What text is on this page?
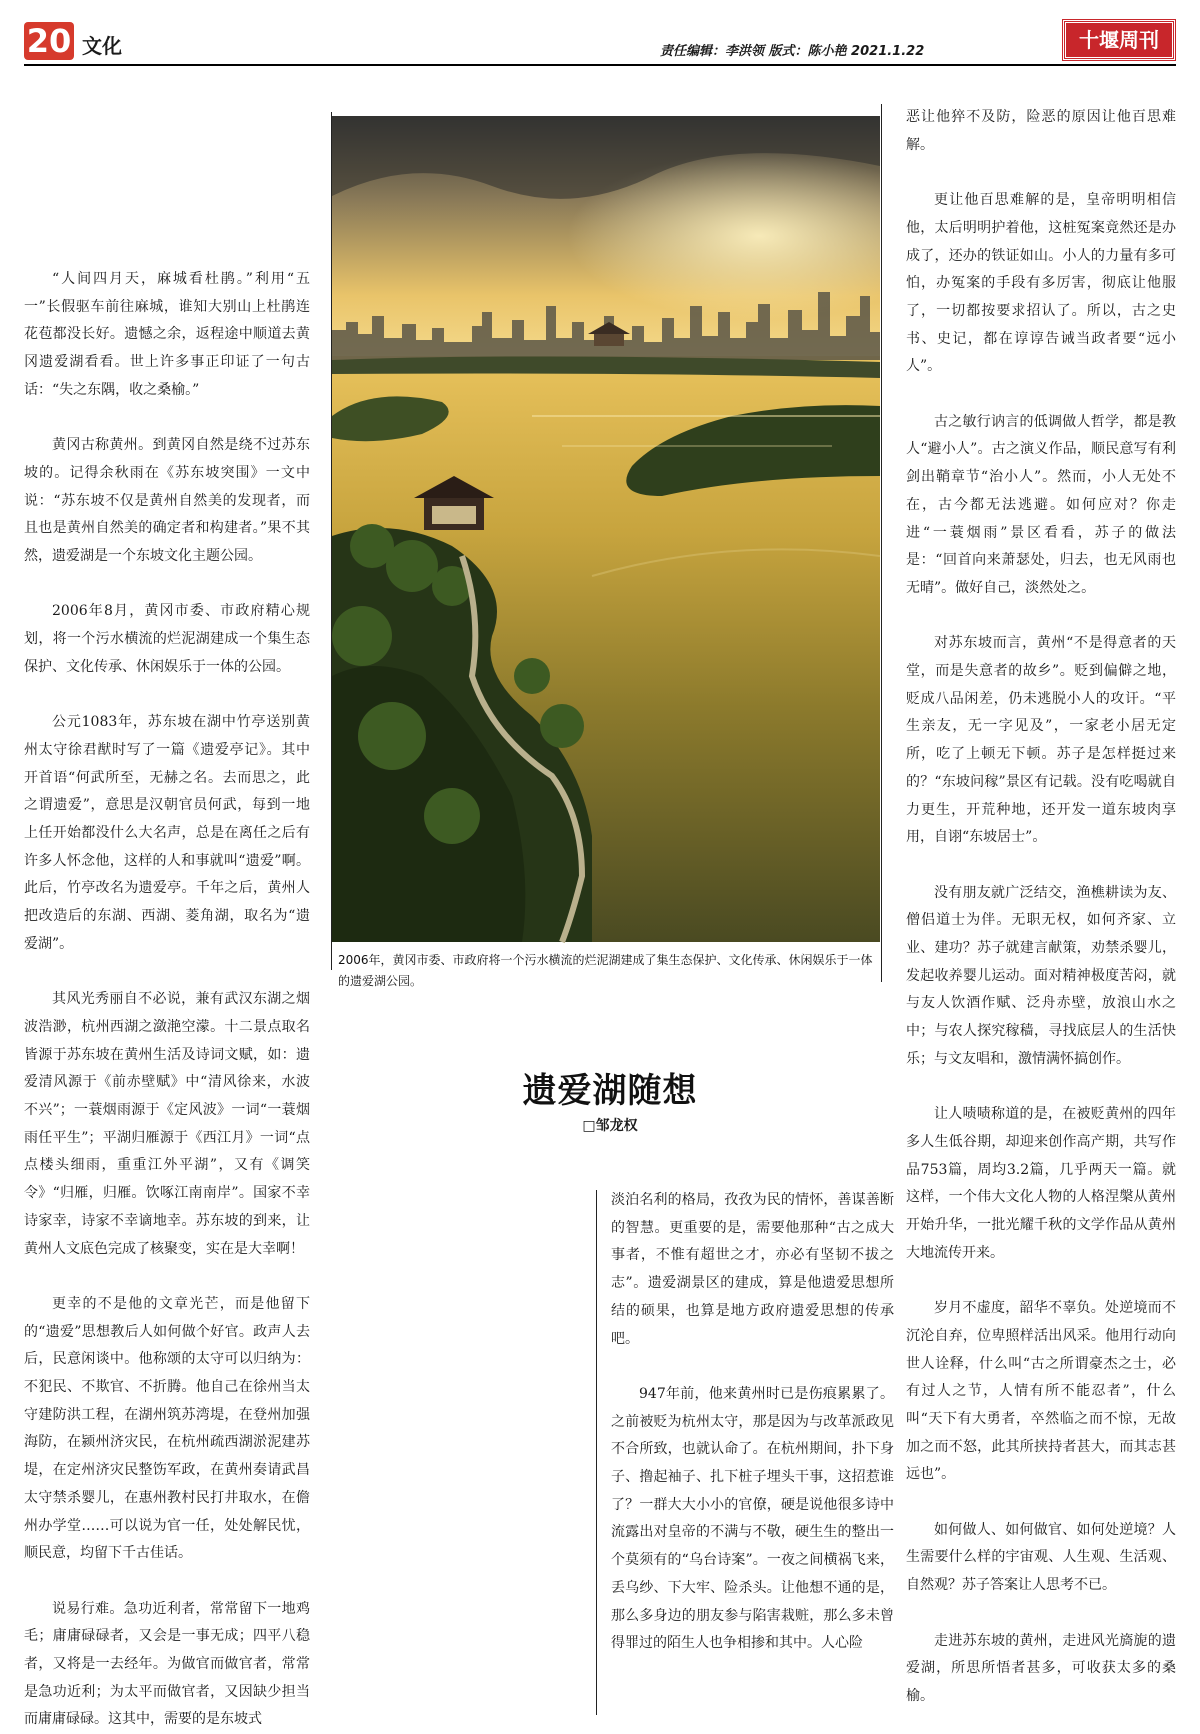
20 文化	责任编辑：李洪领 版式：陈小艳 2021.1.22	十堰周刊

“人间四月天，麻城看杜鹃。”利用“五一”长假驱车前往麻城，谁知大别山上杜鹃连花苞都没长好。遗憾之余，返程途中顺道去黄冈遗爱湖看看。世上许多事正印证了一句古话：“失之东隅，收之桑榆。”

黄冈古称黄州。到黄冈自然是绕不过苏东坡的。记得余秋雨在《苏东坡突围》一文中说：“苏东坡不仅是黄州自然美的发现者，而且也是黄州自然美的确定者和构建者。”果不其然，遗爱湖是一个东坡文化主题公园。

2006年8月，黄冈市委、市政府精心规划，将一个污水横流的烂泥湖建成一个集生态保护、文化传承、休闲娱乐于一体的公园。

公元1083年，苏东坡在湖中竹亭送别黄州太守徐君猷时写了一篇《遗爱亭记》。其中开首语“何武所至，无赫之名。去而思之，此之谓遗爱”，意思是汉朝官员何武，每到一地上任开始都没什么大名声，总是在离任之后有许多人怀念他，这样的人和事就叫“遗爱”啊。此后，竹亭改名为遗爱亭。千年之后，黄州人把改造后的东湖、西湖、菱角湖，取名为“遗爱湖”。

其风光秀丽自不必说，兼有武汉东湖之烟波浩渺，杭州西湖之潋滟空濛。十二景点取名皆源于苏东坡在黄州生活及诗词文赋，如：遗爱清风源于《前赤壁赋》中“清风徐来，水波不兴”；一蓑烟雨源于《定风波》一词“一蓑烟雨任平生”；平湖归雁源于《西江月》一词“点点楼头细雨，重重江外平湖”，又有《调笑令》“归雁，归雁。饮啄江南南岸”。国家不幸诗家幸，诗家不幸谪地幸。苏东坡的到来，让黄州人文底色完成了核聚变，实在是大幸啊！

更幸的不是他的文章光芒，而是他留下的“遗爱”思想教后人如何做个好官。政声人去后，民意闲谈中。他称颂的太守可以归纳为：不犯民、不欺官、不折腾。他自己在徐州当太守建防洪工程，在湖州筑苏湾堤，在登州加强海防，在颍州济灾民，在杭州疏西湖淤泥建苏堤，在定州济灾民整饬军政，在黄州奏请武昌太守禁杀婴儿，在惠州教村民打井取水，在儋州办学堂……可以说为官一任，处处解民忧，顺民意，均留下千古佳话。

说易行难。急功近利者，常常留下一地鸡毛；庸庸碌碌者，又会是一事无成；四平八稳者，又将是一去经年。为做官而做官者，常常是急功近利；为太平而做官者，又因缺少担当而庸庸碌碌。这其中，需要的是东坡式

2006年，黄冈市委、市政府将一个污水横流的烂泥湖建成了集生态保护、文化传承、休闲娱乐于一体的遗爱湖公园。
遗爱湖随想
□邹龙权

淡泊名利的格局，孜孜为民的情怀，善谋善断的智慧。更重要的是，需要他那种“古之成大事者，不惟有超世之才，亦必有坚韧不拔之志”。遗爱湖景区的建成，算是他遗爱思想所结的硕果，也算是地方政府遗爱思想的传承吧。

947年前，他来黄州时已是伤痕累累了。之前被贬为杭州太守，那是因为与改革派政见不合所致，也就认命了。在杭州期间，扑下身子、撸起袖子、扎下桩子埋头干事，这招惹谁了？一群大大小小的官僚，硬是说他很多诗中流露出对皇帝的不满与不敬，硬生生的整出一个莫须有的“乌台诗案”。一夜之间横祸飞来，丢乌纱、下大牢、险杀头。让他想不通的是，那么多身边的朋友参与陷害栽赃，那么多未曾得罪过的陌生人也争相掺和其中。人心险

恶让他猝不及防，险恶的原因让他百思难解。

更让他百思难解的是，皇帝明明相信他，太后明明护着他，这桩冤案竟然还是办成了，还办的铁证如山。小人的力量有多可怕，办冤案的手段有多厉害，彻底让他服了，一切都按要求招认了。所以，古之史书、史记，都在谆谆告诫当政者要“远小人”。

古之敏行讷言的低调做人哲学，都是教人“避小人”。古之演义作品，顺民意写有利剑出鞘章节“治小人”。然而，小人无处不在，古今都无法逃避。如何应对？你走进“一蓑烟雨”景区看看，苏子的做法是：“回首向来萧瑟处，归去，也无风雨也无晴”。做好自己，淡然处之。

对苏东坡而言，黄州“不是得意者的天堂，而是失意者的故乡”。贬到偏僻之地，贬成八品闲差，仍未逃脱小人的攻讦。“平生亲友，无一字见及”，一家老小居无定所，吃了上顿无下顿。苏子是怎样挺过来的？“东坡问稼”景区有记载。没有吃喝就自力更生，开荒种地，还开发一道东坡肉享用，自诩“东坡居士”。

没有朋友就广泛结交，渔樵耕读为友、僧侣道士为伴。无职无权，如何齐家、立业、建功？苏子就建言献策，劝禁杀婴儿，发起收养婴儿运动。面对精神极度苦闷，就与友人饮酒作赋、泛舟赤壁，放浪山水之中；与农人探究稼穑，寻找底层人的生活快乐；与文友唱和，激情满怀搞创作。

让人啧啧称道的是，在被贬黄州的四年多人生低谷期，却迎来创作高产期，共写作品753篇，周均3.2篇，几乎两天一篇。就这样，一个伟大文化人物的人格涅槃从黄州开始升华，一批光耀千秋的文学作品从黄州大地流传开来。

岁月不虚度，韶华不辜负。处逆境而不沉沦自弃，位卑照样活出风采。他用行动向世人诠释，什么叫“古之所谓豪杰之士，必有过人之节，人情有所不能忍者”，什么叫“天下有大勇者，卒然临之而不惊，无故加之而不怒，此其所挟持者甚大，而其志甚远也”。

如何做人、如何做官、如何处逆境？人生需要什么样的宇宙观、人生观、生活观、自然观？苏子答案让人思考不已。

走进苏东坡的黄州，走进风光旖旎的遗爱湖，所思所悟者甚多，可收获太多的桑榆。
